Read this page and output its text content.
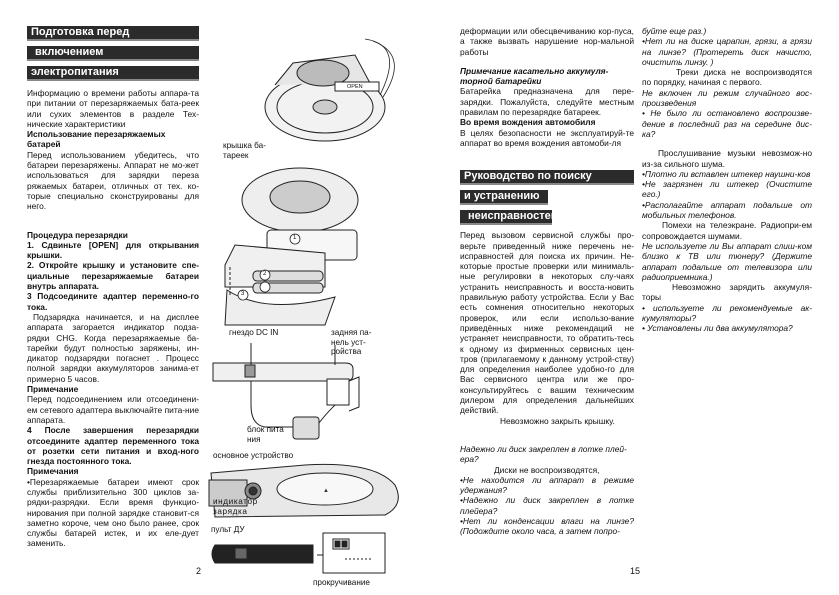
Подготовка перед
включением
электропитания

Информацию о времени работы аппара-та при питании от перезаряжаемых бата-реек или сухих элементов в разделе Тех-нические характеристики

Использование перезаряжаемых батарей

Перед использованием убедитесь, что батареи перезаряжены. Аппарат не мо-жет использоваться для зарядки переза ряжаемых батареи, отличных от тех. ко-торые специально сконструированы для него.

Процедура перезарядки

1. Сдвиньте [OPEN] для открывания крышки.

2. Откройте крышку и установите спе-циальные перезаряжаемые батареи внутрь аппарата.

3 Подсоедините адаптер переменно-го тока.

Подзарядка начинается, и на дисплее аппарата загорается индикатор подза-рядки CHG. Когда перезаряжаемые ба-тарейки будут полностью заряжены, ин-дикатор подзарядки погаснет . Процесс полной зарядки аккумуляторов занима-ет примерно 5 часов.

Примечание

Перед подсоединением или отсоединени-ем сетевого адаптера выключайте пита-ние аппарата.

4 После завершения перезарядки отсоедините адаптер переменного тока от розетки сети питания и вход-ного гнезда постоянного тока.

Примечания

•Перезаряжаемые батареи имеют срок службы приблизительно 300 циклов за-рядки-разрядки. Если время функцио-нирования при полной зарядке становит-ся заметно короче, чем оно было ранее, срок службы батарей истек, и их еле-дует заменить.

2
▲
OPEN
1
2
3
крышка ба-тареек
гнездо DC IN	задняя па-нель уст-ройства
блок пита ния
основное устройство
индикатор зарядка
пульт ДУ
прокручивание

деформации или обесцвечиванию кор-пуса, а также вызвать нарушение нор-мальной работы

Примечание касательно аккумуля-торной батарейки

Батарейка предназначена для пере-зарядки. Пожалуйста, следуйте местным правилам по перезарядке батареек.

Во время вождения автомобиля

В целях безопасности не эксплуатируй-те аппарат во время вождения автомоби-ля

Руководство по поиску
и устранению
неисправностей

Перед вызовом сервисной службы про-верьте приведенный ниже перечень не-исправностей для поиска их причин. Не-которые простые проверки или минималь-ные регулировки в некоторых слу-чаях устранить неисправность и восста-новить правильную работу устройства. Если у Вас есть сомнения относительно некоторых проверок, или если использо-вание приведённых ниже рекомендаций не устраняет неисправности, то обратить-тесь к одному из фирменных сервисных цен-тров (прилагаемому к данному устрой-ству) для определения наиболее удобно-го для Вас сервисного центра или же про-консультируйтесь с вашим техническим дилером для определения дальнейших действий.

Невозможно закрыть крышку.

Надежно ли диск закреплен в лотке плей-ера?

Диски не воспроизводятся,

•Не находится ли аппарат в режиме удержания?

•Надежно ли диск закреплен в лотке плейера?

•Нет ли конденсации влаги на линзе? (Подождите около часа, а затем попро-

15

буйте еще раз.)

•Нет ли на диске царапин, грязи, а грязи на линзе? (Протереть диск начисто, очистить линзу. )

Треки диска не воспроизводятся по порядку, начиная с первого.

Не включен ли режим случайного вос-произведения

• Не было ли остановлено воспроизве-дение в последний раз на середине дис-ка?

Прослушивание музыки невозмож-но из-за сильного шума.

•Плотно ли вставлен штекер наушни-ков

•Не загрязнен ли штекер (Очистите его.)

•Располагайте аппарат подальше от мобильных телефонов.

Помехи на телеэкране. Радиопри-ем сопровождается шумами.

Не используете ли Вы аппарат слиш-ком близко к ТВ или тюнеру? (Держите аппарат подальше от телевизора или радиоприемника.)

Невозможно зарядить аккумуля-торы

• используете ли рекомендуемые ак-кумуляторы?

• Установлены ли два аккумулятора?
